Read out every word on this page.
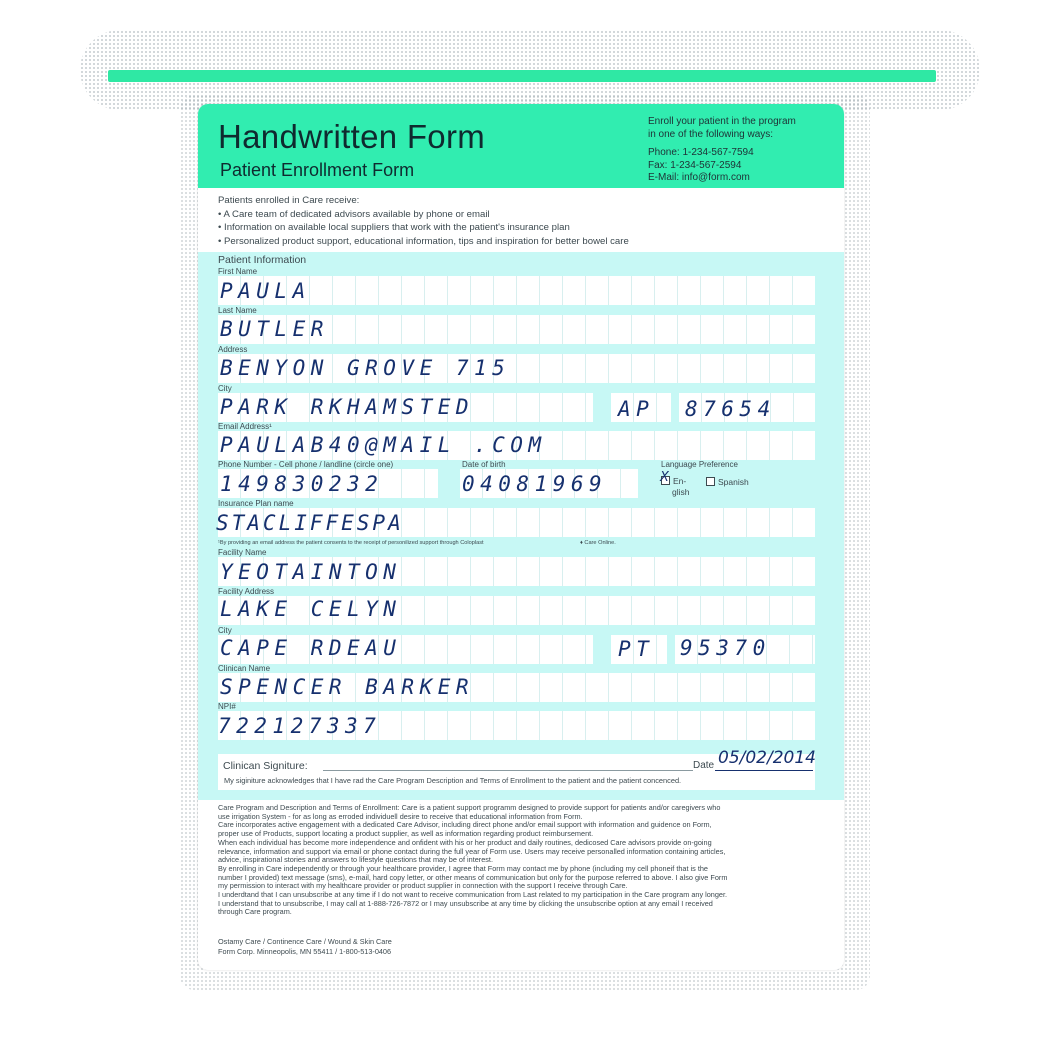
Handwritten Form
Patient Enrollment Form
Enroll your patient in the program
in one of the following ways:
Phone: 1-234-567-7594
Fax: 1-234-567-2594
E-Mail: info@form.com
Patients enrolled in Care receive:
• A Care team of dedicated advisors available by phone or email
• Information on available local suppliers that work with the patient's insurance plan
• Personalized product support, educational information, tips and inspiration for better bowel care
Patient Information
First Name
PAULA
Last Name
BUTLER
Address
BENYON GROVE 715
City
PARK RKHAMSTED	AP 87654
Email Address¹
PAULAB40@MAIL .COM
Phone Number - Cell phone / landline (circle one)
149830232
Date of birth
04081969
Language Preference
En-
X
glish
Spanish
Insurance Plan name
STACLIFFESPA
¹By providing an email address the patient consents to the receipt of personilized support through Coloplast	♦ Care Online.
Facility Name
YEOTAINTON
Facility Address
LAKE CELYN
City
CAPE RDEAU	PT 95370
Clinican Name
SPENCER BARKER
NPI#
722127337
Clinican Signiture:	Date 05/02/2014
My siginiture acknowledges that I have rad the Care Program Description and Terms of Enrollment to the patient and the patient concenced.

Care Program and Description and Terms of Enrollment: Care is a patient support programm designed to provide support for patients and/or caregivers who

use irrigation System - for as long as erroded individuell desire to receive that educational information from Form.

Care incorporates active engagement with a dedicated Care Advisor, including direct phone and/or email support with information and guidence on Form,

proper use of Products, support locating a product supplier, as well as information regarding product reimbursement.

When each individual has become more independence and onfident with his or her product and daily routines, dedicosed Care advisors provide on-going

relevance, information and support via email or phone contact during the full year of Form use. Users may receive personalled information containing articles,

advice, inspirational stories and answers to lifestyle questions that may be of interest.

By enrolling in Care independently or through your healthcare provider, I agree that Form may contact me by phone (including my cell phoneif that is the

number I provided) text message (sms), e-mail, hard copy letter, or other means of communication but only for the purpose referred to above. I also give Form

my permission to interact with my healthcare provider or product supplier in connection with the support I receive through Care.

I underdtand that I can unsubscribe at any time if I do not want to receive communication from Last related to my participation in the Care program any longer.

I understand that to unsubscribe, I may call at 1-888-726-7872 or I may unsubscribe at any time by clicking the unsubscribe option at any email I received

through Care program.

Ostamy Care / Continence Care / Wound & Skin Care
Form Corp. Minneopolis, MN 55411 / 1-800-513-0406
